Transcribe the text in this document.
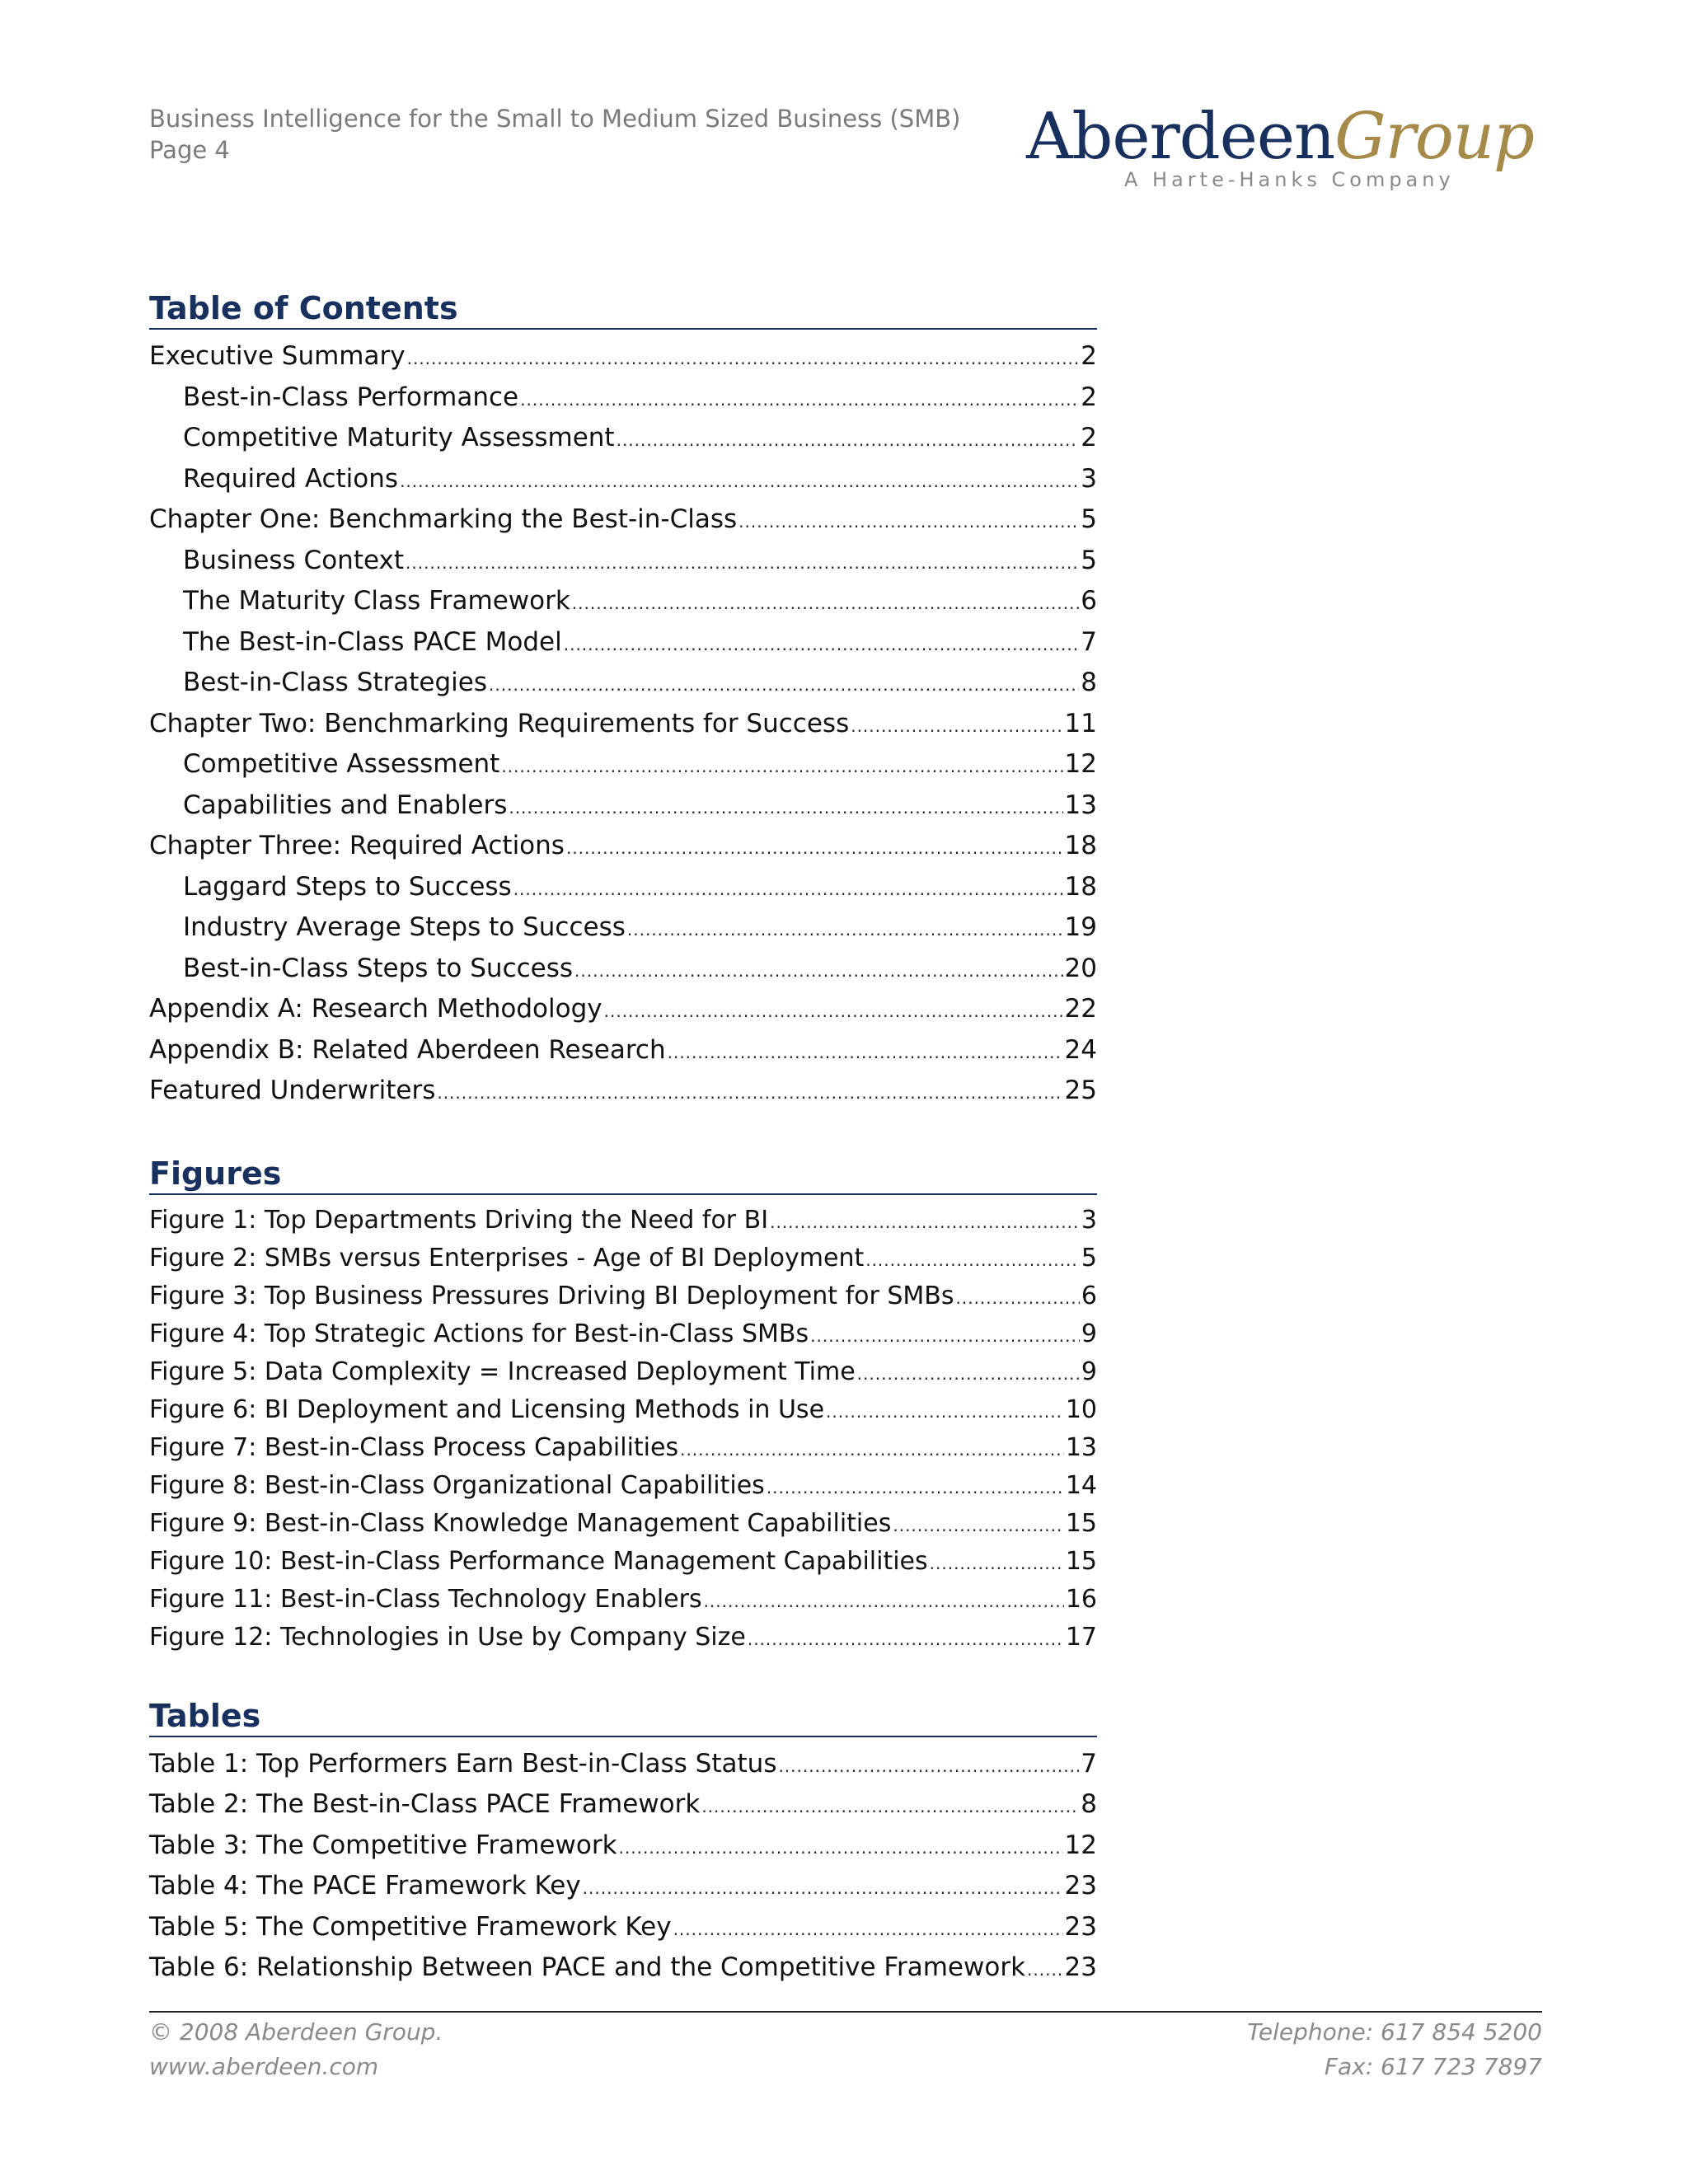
Business Intelligence for the Small to Medium Sized Business (SMB)
Page 4	AberdeenGroup
A Harte-Hanks Company
Table of Contents
Executive Summary .....	2
Best-in-Class Performance .....	2
Competitive Maturity Assessment .....	2
Required Actions .....	3
Chapter One: Benchmarking the Best-in-Class .....	5
Business Context .....	5
The Maturity Class Framework .....	6
The Best-in-Class PACE Model .....	7
Best-in-Class Strategies .....	8
Chapter Two: Benchmarking Requirements for Success .....	11
Competitive Assessment .....	12
Capabilities and Enablers .....	13
Chapter Three: Required Actions .....	18
Laggard Steps to Success .....	18
Industry Average Steps to Success .....	19
Best-in-Class Steps to Success .....	20
Appendix A: Research Methodology .....	22
Appendix B: Related Aberdeen Research .....	24
Featured Underwriters .....	25
Figures
Figure 1: Top Departments Driving the Need for BI .....	3
Figure 2: SMBs versus Enterprises - Age of BI Deployment .....	5
Figure 3: Top Business Pressures Driving BI Deployment for SMBs .....	6
Figure 4: Top Strategic Actions for Best-in-Class SMBs .....	9
Figure 5: Data Complexity = Increased Deployment Time .....	9
Figure 6: BI Deployment and Licensing Methods in Use .....	10
Figure 7: Best-in-Class Process Capabilities .....	13
Figure 8: Best-in-Class Organizational Capabilities .....	14
Figure 9: Best-in-Class Knowledge Management Capabilities .....	15
Figure 10: Best-in-Class Performance Management Capabilities .....	15
Figure 11: Best-in-Class Technology Enablers .....	16
Figure 12: Technologies in Use by Company Size .....	17
Tables
Table 1: Top Performers Earn Best-in-Class Status .....	7
Table 2: The Best-in-Class PACE Framework .....	8
Table 3: The Competitive Framework .....	12
Table 4: The PACE Framework Key .....	23
Table 5: The Competitive Framework Key .....	23
Table 6: Relationship Between PACE and the Competitive Framework ..... 23
© 2008 Aberdeen Group.
www.aberdeen.com
Telephone: 617 854 5200
Fax: 617 723 7897
